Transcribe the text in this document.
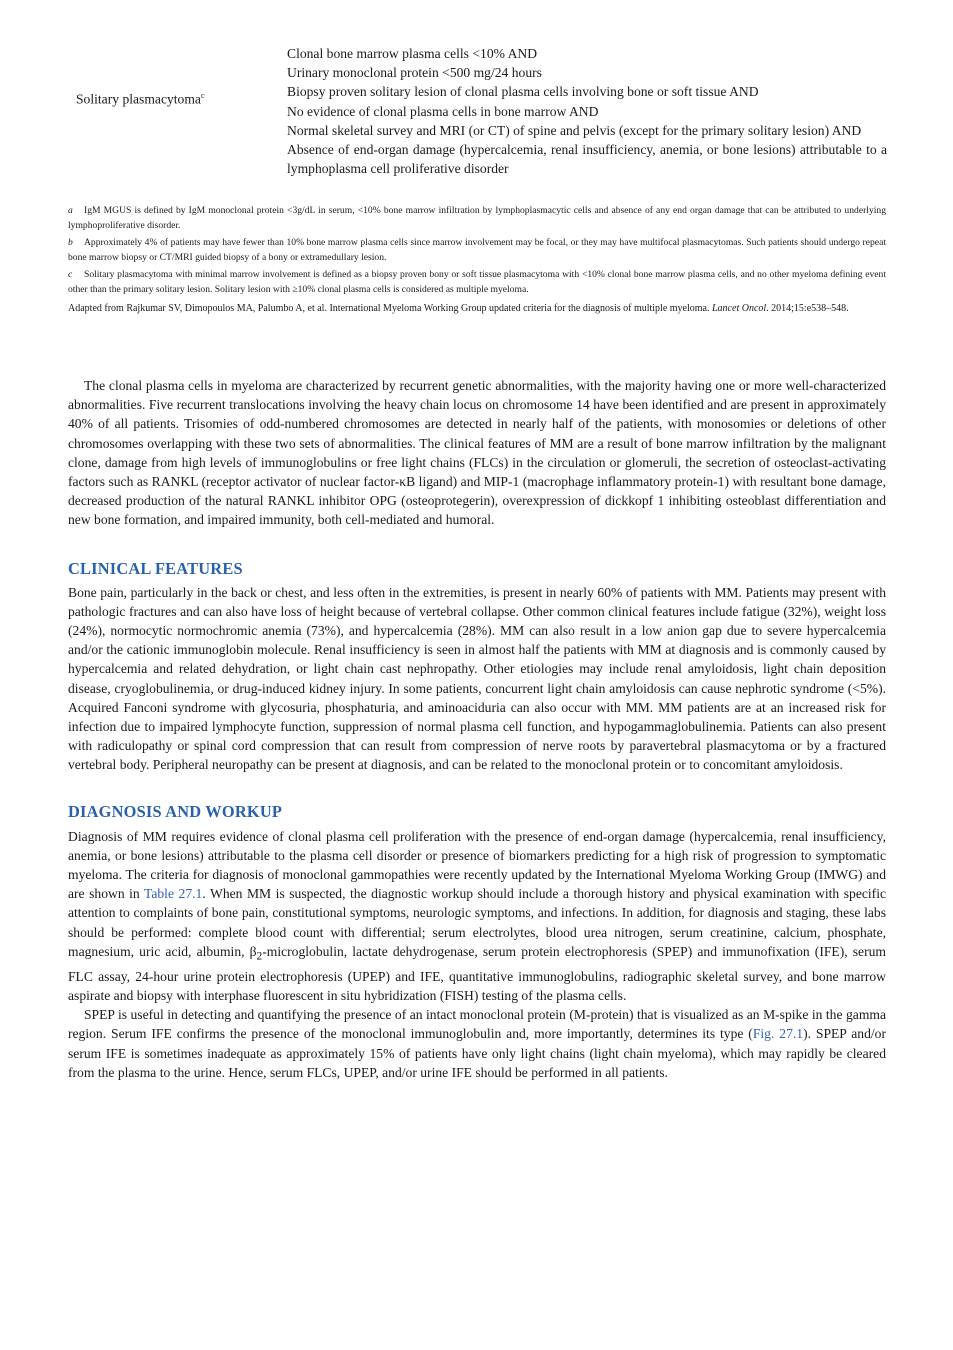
Solitary plasmacytoma$^c$
Clonal bone marrow plasma cells <10% AND
Urinary monoclonal protein <500 mg/24 hours
Biopsy proven solitary lesion of clonal plasma cells involving bone or soft tissue AND
No evidence of clonal plasma cells in bone marrow AND
Normal skeletal survey and MRI (or CT) of spine and pelvis (except for the primary solitary lesion) AND
Absence of end-organ damage (hypercalcemia, renal insufficiency, anemia, or bone lesions) attributable to a lymphoplasma cell proliferative disorder

a IgM MGUS is defined by IgM monoclonal protein <3g/dL in serum, <10% bone marrow infiltration by lymphoplasmacytic cells and absence of any end organ damage that can be attributed to underlying lymphoproliferative disorder.

b Approximately 4% of patients may have fewer than 10% bone marrow plasma cells since marrow involvement may be focal, or they may have multifocal plasmacytomas. Such patients should undergo repeat bone marrow biopsy or CT/MRI guided biopsy of a bony or extramedullary lesion.

c Solitary plasmacytoma with minimal marrow involvement is defined as a biopsy proven bony or soft tissue plasmacytoma with <10% clonal bone marrow plasma cells, and no other myeloma defining event other than the primary solitary lesion. Solitary lesion with ≥10% clonal plasma cells is considered as multiple myeloma.

Adapted from Rajkumar SV, Dimopoulos MA, Palumbo A, et al. International Myeloma Working Group updated criteria for the diagnosis of multiple myeloma. Lancet Oncol. 2014;15:e538–548.

The clonal plasma cells in myeloma are characterized by recurrent genetic abnormalities, with the majority having one or more well-characterized abnormalities. Five recurrent translocations involving the heavy chain locus on chromosome 14 have been identified and are present in approximately 40% of all patients. Trisomies of odd-numbered chromosomes are detected in nearly half of the patients, with monosomies or deletions of other chromosomes overlapping with these two sets of abnormalities. The clinical features of MM are a result of bone marrow infiltration by the malignant clone, damage from high levels of immunoglobulins or free light chains (FLCs) in the circulation or glomeruli, the secretion of osteoclast-activating factors such as RANKL (receptor activator of nuclear factor-κB ligand) and MIP-1 (macrophage inflammatory protein-1) with resultant bone damage, decreased production of the natural RANKL inhibitor OPG (osteoprotegerin), overexpression of dickkopf 1 inhibiting osteoblast differentiation and new bone formation, and impaired immunity, both cell-mediated and humoral.

CLINICAL FEATURES

Bone pain, particularly in the back or chest, and less often in the extremities, is present in nearly 60% of patients with MM. Patients may present with pathologic fractures and can also have loss of height because of vertebral collapse. Other common clinical features include fatigue (32%), weight loss (24%), normocytic normochromic anemia (73%), and hypercalcemia (28%). MM can also result in a low anion gap due to severe hypercalcemia and/or the cationic immunoglobin molecule. Renal insufficiency is seen in almost half the patients with MM at diagnosis and is commonly caused by hypercalcemia and related dehydration, or light chain cast nephropathy. Other etiologies may include renal amyloidosis, light chain deposition disease, cryoglobulinemia, or drug-induced kidney injury. In some patients, concurrent light chain amyloidosis can cause nephrotic syndrome (<5%). Acquired Fanconi syndrome with glycosuria, phosphaturia, and aminoaciduria can also occur with MM. MM patients are at an increased risk for infection due to impaired lymphocyte function, suppression of normal plasma cell function, and hypogammaglobulinemia. Patients can also present with radiculopathy or spinal cord compression that can result from compression of nerve roots by paravertebral plasmacytoma or by a fractured vertebral body. Peripheral neuropathy can be present at diagnosis, and can be related to the monoclonal protein or to concomitant amyloidosis.

DIAGNOSIS AND WORKUP

Diagnosis of MM requires evidence of clonal plasma cell proliferation with the presence of end-organ damage (hypercalcemia, renal insufficiency, anemia, or bone lesions) attributable to the plasma cell disorder or presence of biomarkers predicting for a high risk of progression to symptomatic myeloma. The criteria for diagnosis of monoclonal gammopathies were recently updated by the International Myeloma Working Group (IMWG) and are shown in Table 27.1. When MM is suspected, the diagnostic workup should include a thorough history and physical examination with specific attention to complaints of bone pain, constitutional symptoms, neurologic symptoms, and infections. In addition, for diagnosis and staging, these labs should be performed: complete blood count with differential; serum electrolytes, blood urea nitrogen, serum creatinine, calcium, phosphate, magnesium, uric acid, albumin, $\beta_2$-microglobulin, lactate dehydrogenase, serum protein electrophoresis (SPEP) and immunofixation (IFE), serum FLC assay, 24-hour urine protein electrophoresis (UPEP) and IFE, quantitative immunoglobulins, radiographic skeletal survey, and bone marrow aspirate and biopsy with interphase fluorescent in situ hybridization (FISH) testing of the plasma cells.

SPEP is useful in detecting and quantifying the presence of an intact monoclonal protein (M-protein) that is visualized as an M-spike in the gamma region. Serum IFE confirms the presence of the monoclonal immunoglobulin and, more importantly, determines its type (Fig. 27.1). SPEP and/or serum IFE is sometimes inadequate as approximately 15% of patients have only light chains (light chain myeloma), which may rapidly be cleared from the plasma to the urine. Hence, serum FLCs, UPEP, and/or urine IFE should be performed in all patients.
